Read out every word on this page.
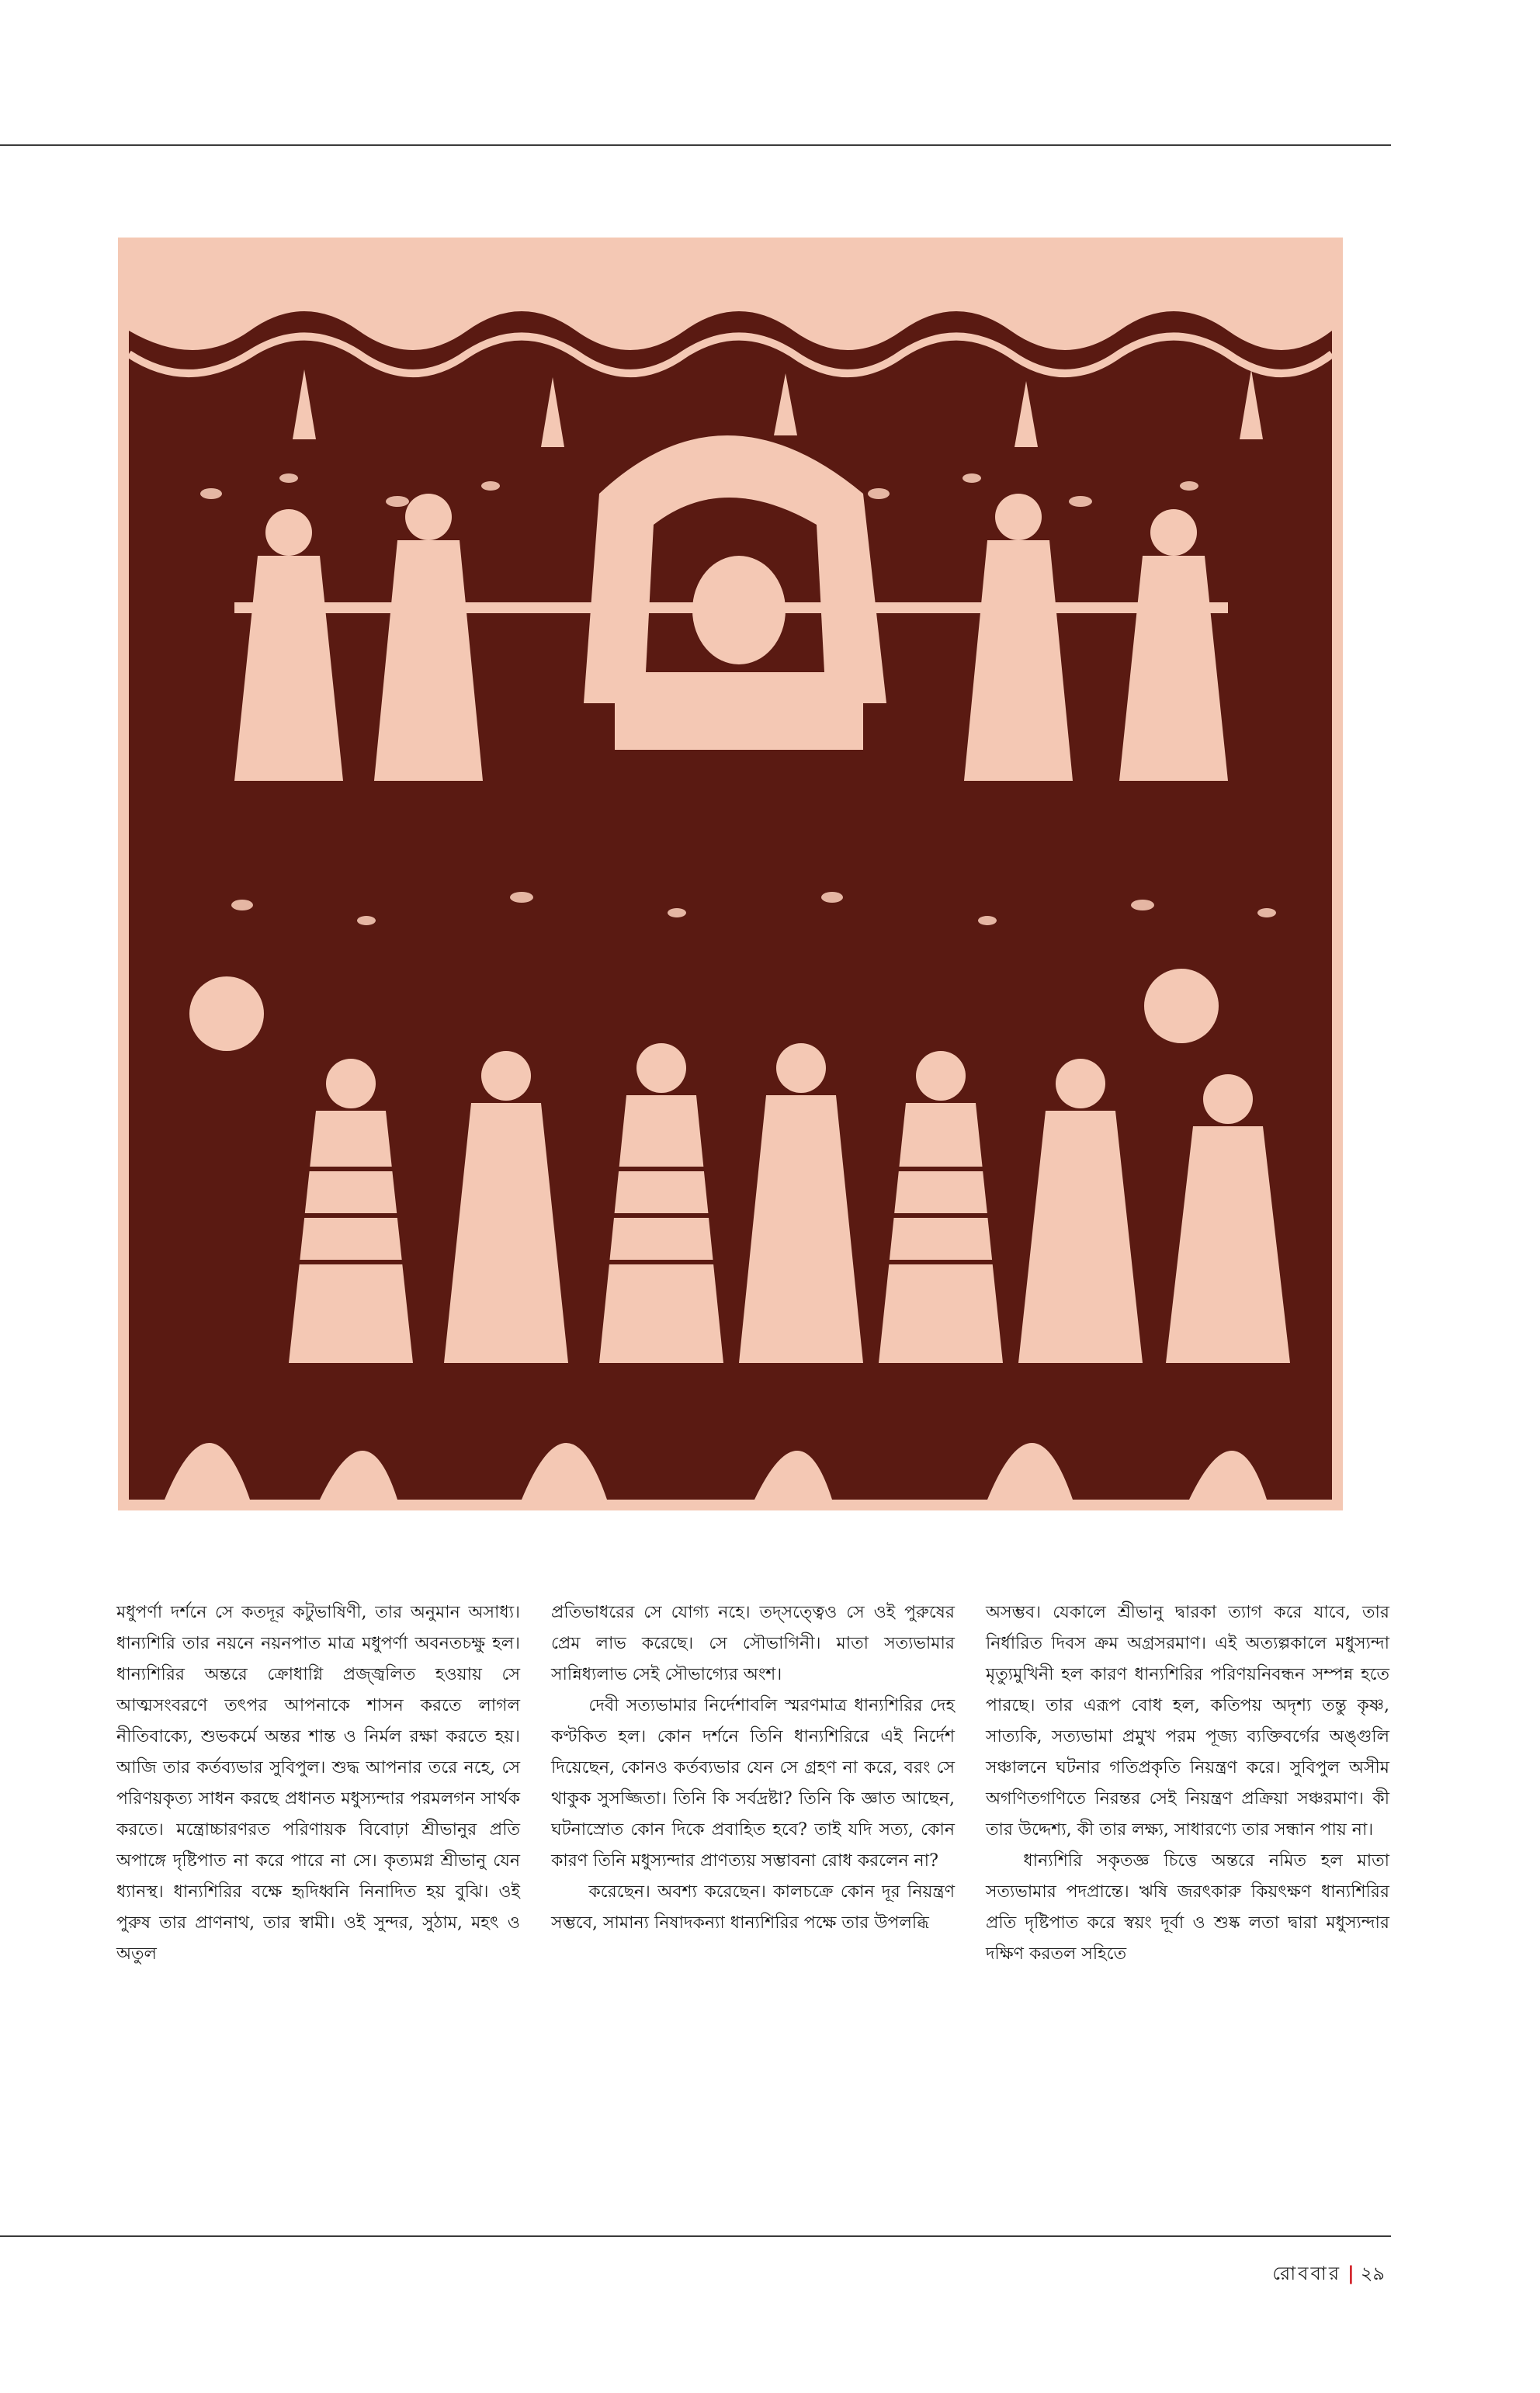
মধুপর্ণা দর্শনে সে কতদূর কটুভাষিণী, তার অনুমান অসাধ্য। ধান্যশিরি তার নয়নে নয়নপাত মাত্র মধুপর্ণা অবনতচক্ষু হল। ধান্যশিরির অন্তরে ক্রোধাগ্নি প্রজ্জ্বলিত হওয়ায় সে আত্মসংবরণে তৎপর আপনাকে শাসন করতে লাগল নীতিবাক্যে, শুভকর্মে অন্তর শান্ত ও নির্মল রক্ষা করতে হয়। আজি তার কর্তব্যভার সুবিপুল। শুদ্ধ আপনার তরে নহে, সে পরিণয়কৃত্য সাধন করছে প্রধানত মধুস্যন্দার পরমলগন সার্থক করতে। মন্ত্রোচ্চারণরত পরিণায়ক বিবোঢ়া শ্রীভানুর প্রতি অপাঙ্গে দৃষ্টিপাত না করে পারে না সে। কৃত্যমগ্ন শ্রীভানু যেন ধ্যানস্থ। ধান্যশিরির বক্ষে হৃদিধ্বনি নিনাদিত হয় বুঝি। ওই পুরুষ তার প্রাণনাথ, তার স্বামী। ওই সুন্দর, সুঠাম, মহৎ ও অতুল

প্রতিভাধরের সে যোগ্য নহে। তদ্‌সত্ত্বেও সে ওই পুরুষের প্রেম লাভ করেছে। সে সৌভাগিনী। মাতা সত্যভামার সান্নিধ্যলাভ সেই সৌভাগ্যের অংশ।

দেবী সত্যভামার নির্দেশাবলি স্মরণমাত্র ধান্যশিরির দেহ কণ্টকিত হল। কোন দর্শনে তিনি ধান্যশিরিরে এই নির্দেশ দিয়েছেন, কোনও কর্তব্যভার যেন সে গ্রহণ না করে, বরং সে থাকুক সুসজ্জিতা। তিনি কি সর্বদ্রষ্টা? তিনি কি জ্ঞাত আছেন, ঘটনাস্রোত কোন দিকে প্রবাহিত হবে? তাই যদি সত্য, কোন কারণ তিনি মধুস্যন্দার প্রাণত্যয় সম্ভাবনা রোধ করলেন না?

করেছেন। অবশ্য করেছেন। কালচক্রে কোন দূর নিয়ন্ত্রণ সম্ভবে, সামান্য নিষাদকন্যা ধান্যশিরির পক্ষে তার উপলব্ধি

অসম্ভব। যেকালে শ্রীভানু দ্বারকা ত্যাগ করে যাবে, তার নির্ধারিত দিবস ক্রম অগ্রসরমাণ। এই অত্যল্পকালে মধুস্যন্দা মৃত্যুমুখিনী হল কারণ ধান্যশিরির পরিণয়নিবন্ধন সম্পন্ন হতে পারছে। তার এরূপ বোধ হল, কতিপয় অদৃশ্য তন্তু কৃষ্ণ, সাত্যকি, সত্যভামা প্রমুখ পরম পূজ্য ব্যক্তিবর্গের অঙ্গুলি সঞ্চালনে ঘটনার গতিপ্রকৃতি নিয়ন্ত্রণ করে। সুবিপুল অসীম অগণিতগণিতে নিরন্তর সেই নিয়ন্ত্রণ প্রক্রিয়া সঞ্চরমাণ। কী তার উদ্দেশ্য, কী তার লক্ষ্য, সাধারণ্যে তার সন্ধান পায় না।

ধান্যশিরি সকৃতজ্ঞ চিত্তে অন্তরে নমিত হল মাতা সত্যভামার পদপ্রান্তে। ঋষি জরৎকারু কিয়ৎক্ষণ ধান্যশিরির প্রতি দৃষ্টিপাত করে স্বয়ং দূর্বা ও শুষ্ক লতা দ্বারা মধুস্যন্দার দক্ষিণ করতল সহিতে

রোববার | ২৯
